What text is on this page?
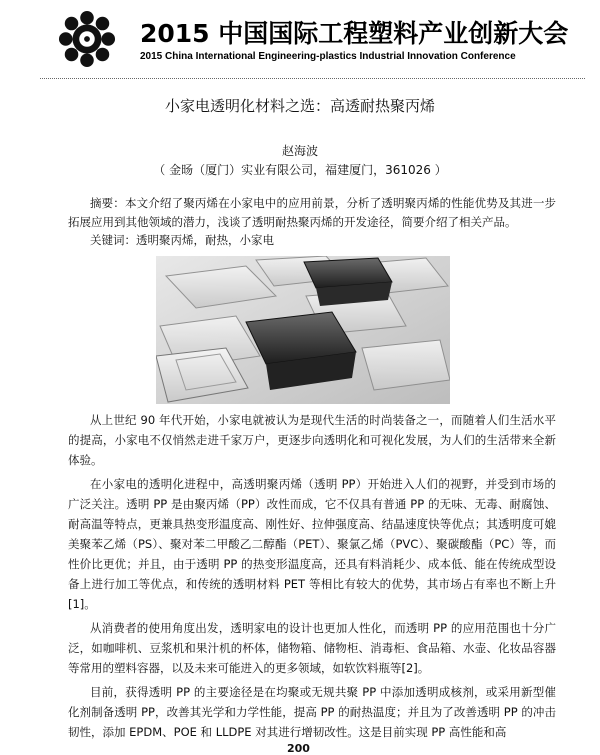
2015 中国国际工程塑料产业创新大会
2015 China International Engineering-plastics Industrial Innovation Conference
小家电透明化材料之选：高透耐热聚丙烯
赵海波
（ 金旸（厦门）实业有限公司，福建厦门，361026 ）
摘要：本文介绍了聚丙烯在小家电中的应用前景，分析了透明聚丙烯的性能优势及其进一步拓展应用到其他领域的潜力，浅谈了透明耐热聚丙烯的开发途径，简要介绍了相关产品。
关键词：透明聚丙烯，耐热，小家电

从上世纪 90 年代开始，小家电就被认为是现代生活的时尚装备之一，而随着人们生活水平的提高，小家电不仅悄然走进千家万户，更逐步向透明化和可视化发展，为人们的生活带来全新体验。

在小家电的透明化进程中，高透明聚丙烯（透明 PP）开始进入人们的视野，并受到市场的广泛关注。透明 PP 是由聚丙烯（PP）改性而成，它不仅具有普通 PP 的无味、无毒、耐腐蚀、耐高温等特点，更兼具热变形温度高、刚性好、拉伸强度高、结晶速度快等优点；其透明度可媲美聚苯乙烯（PS）、聚对苯二甲酸乙二醇酯（PET）、聚氯乙烯（PVC）、聚碳酸酯（PC）等，而性价比更优；并且，由于透明 PP 的热变形温度高，还具有料消耗少、成本低、能在传统成型设备上进行加工等优点，和传统的透明材料 PET 等相比有较大的优势，其市场占有率也不断上升[1]。

从消费者的使用角度出发，透明家电的设计也更加人性化，而透明 PP 的应用范围也十分广泛，如咖啡机、豆浆机和果汁机的杯体，储物箱、储物柜、消毒柜、食品箱、水壶、化妆品容器等常用的塑料容器，以及未来可能进入的更多领域，如软饮料瓶等[2]。

目前，获得透明 PP 的主要途径是在均聚或无规共聚 PP 中添加透明成核剂，或采用新型催化剂制备透明 PP，改善其光学和力学性能，提高 PP 的耐热温度；并且为了改善透明 PP 的冲击韧性，添加 EPDM、POE 和 LLDPE 对其进行增韧改性。这是目前实现 PP 高性能和高

200
